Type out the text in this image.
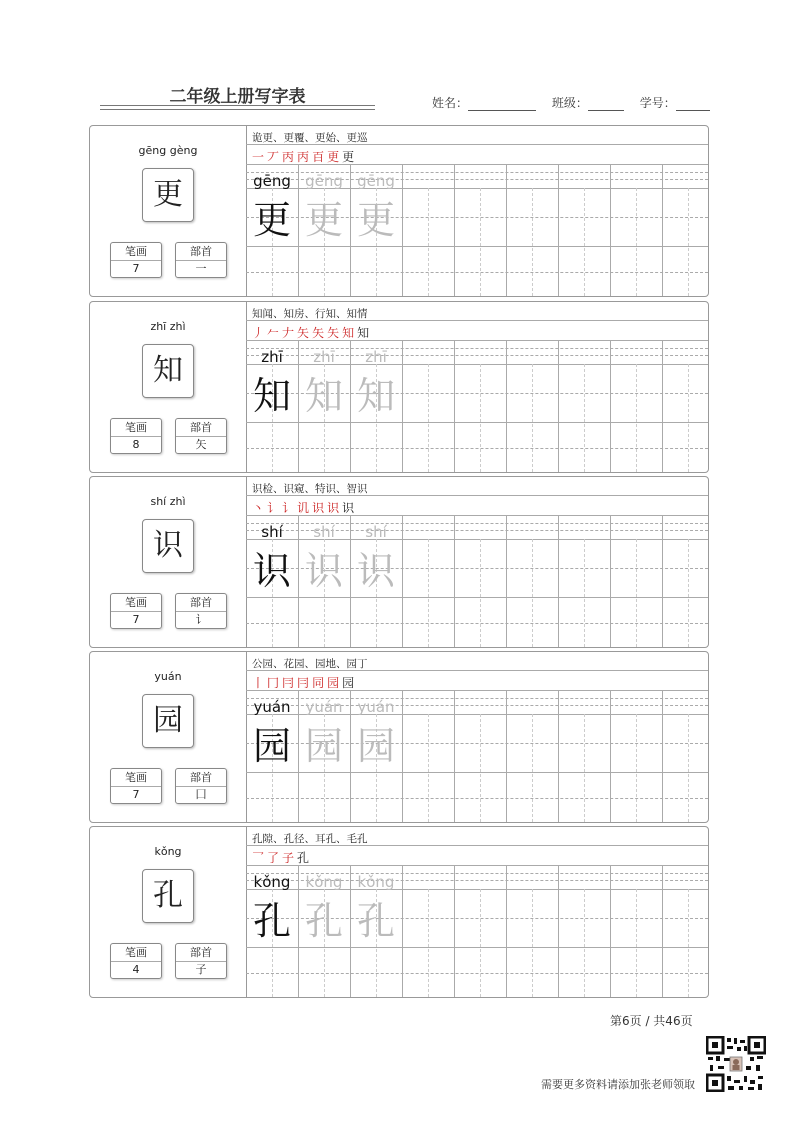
二年级上册写字表	姓名：	班级：	学号：
gēng gèng
更
笔画
7
部首
一
诡更、更覆、更始、更巡
一 丆 丙 丙 百 更 更
gēng
更
gēng
更
gēng
更
zhī zhì
知
笔画
8
部首
矢
知闻、知房、行知、知情
丿 𠂉 𠂇 矢 矢 矢 知 知
zhī
知
zhī
知
zhī
知
shí zhì
识
笔画
7
部首
讠
识检、识窥、特识、智识
丶 讠 讠 讥 识 识 识
shí
识
shí
识
shí
识
yuán
园
笔画
7
部首
囗
公园、花园、园地、园丁
丨 冂 冃 冃 同 园 园
yuán
园
yuán
园
yuán
园
kǒng
孔
笔画
4
部首
子
孔隙、孔径、耳孔、毛孔
乛 了 子 孔
kǒng
孔
kǒng
孔
kǒng
孔
第6页 / 共46页
需要更多资料请添加张老师领取
